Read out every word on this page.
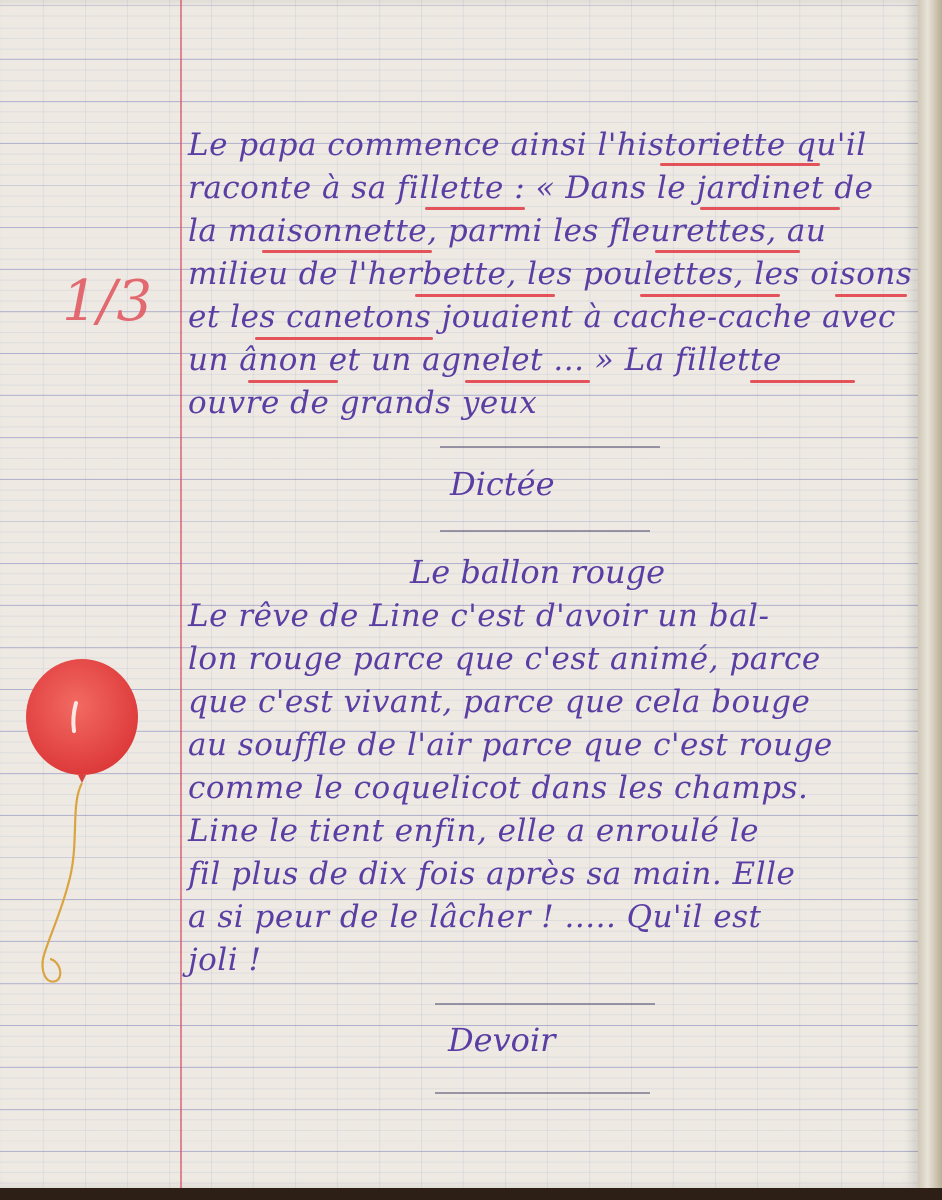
1/3
Le papa commence ainsi l'historiette qu'il
raconte à sa fillette : « Dans le jardinet de
la maisonnette, parmi les fleurettes, au
milieu de l'herbette, les poulettes, les oisons
et les canetons jouaient à cache-cache avec
un ânon et un agnelet ... » La fillette
ouvre de grands yeux
Dictée
Le ballon rouge
Le rêve de Line c'est d'avoir un bal-
lon rouge parce que c'est animé, parce
que c'est vivant, parce que cela bouge
au souffle de l'air parce que c'est rouge
comme le coquelicot dans les champs.
Line le tient enfin, elle a enroulé le
fil plus de dix fois après sa main. Elle
a si peur de le lâcher ! ..... Qu'il est
joli !
Devoir
